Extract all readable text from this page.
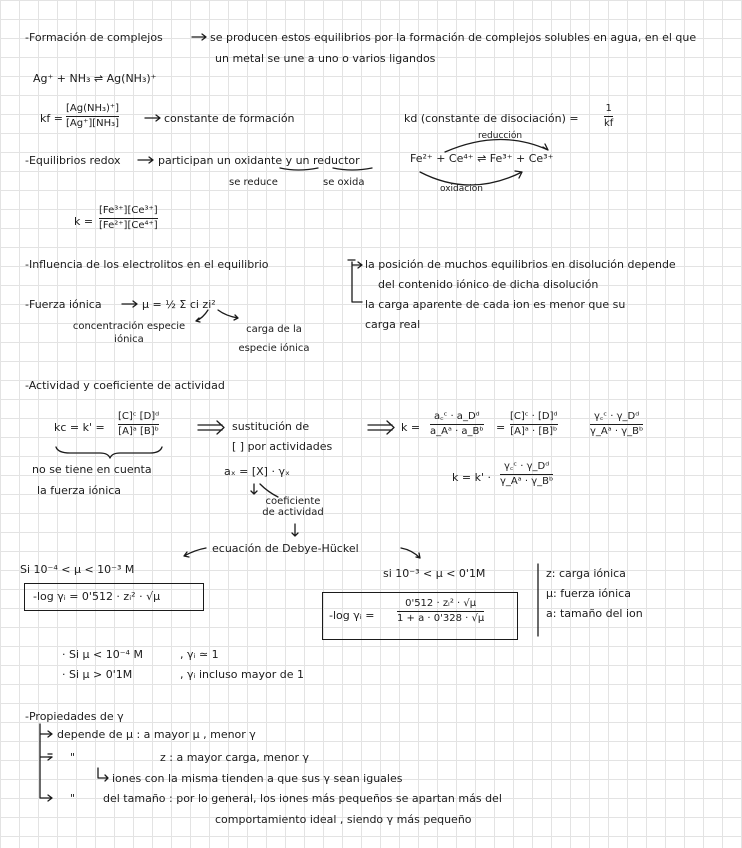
-Formación de complejos	se producen estos equilibrios por la formación de complejos solubles en agua, en el que
un metal se une a uno o varios ligandos
Ag⁺ + NH₃ ⇌ Ag(NH₃)⁺
kf =
[Ag(NH₃)⁺]
[Ag⁺][NH₃]	constante de formación	kd (constante de disociación) =
1
kf
-Equilibrios redox	participan un oxidante y un reductor
se reduce	se oxida
reducción
Fe²⁺ + Ce⁴⁺ ⇌ Fe³⁺ + Ce³⁺
oxidación
k =
[Fe³⁺][Ce³⁺]
[Fe²⁺][Ce⁴⁺]
-Influencia de los electrolitos en el equilibrio	la posición de muchos equilibrios en disolución depende
del contenido iónico de dicha disolución
la carga aparente de cada ion es menor que su
carga real
-Fuerza iónica	μ = ½ Σ ci zi²
concentración especie
iónica
carga de la
especie iónica
-Actividad y coeficiente de actividad
kc = k' =
[C]ᶜ [D]ᵈ
[A]ᵃ [B]ᵇ
no se tiene en cuenta
la fuerza iónica
sustitución de
[ ] por actividades
aₓ = [X] · γₓ
coeficiente
de actividad
k =
a꜀ᶜ · a_Dᵈ
a_Aᵃ · a_Bᵇ =
[C]ᶜ · [D]ᵈ
[A]ᵃ · [B]ᵇ
γ꜀ᶜ · γ_Dᵈ
γ_Aᵃ · γ_Bᵇ
k = k' ·
γ꜀ᶜ · γ_Dᵈ
γ_Aᵃ · γ_Bᵇ
ecuación de Debye-Hückel
Si 10⁻⁴ < μ < 10⁻³ M
-log γᵢ = 0'512 · zᵢ² · √μ
si 10⁻³ < μ < 0'1M
-log γᵢ =
0'512 · zᵢ² · √μ
1 + a · 0'328 · √μ
z: carga iónica
μ: fuerza iónica
a: tamaño del ion
· Si μ < 10⁻⁴ M	, γᵢ ≃ 1
· Si μ > 0'1M	, γᵢ incluso mayor de 1
-Propiedades de γ
depende de μ : a mayor μ , menor γ
"	z : a mayor carga, menor γ
iones con la misma tienden a que sus γ sean iguales
"	del tamaño : por lo general, los iones más pequeños se apartan más del
comportamiento ideal , siendo γ más pequeño
